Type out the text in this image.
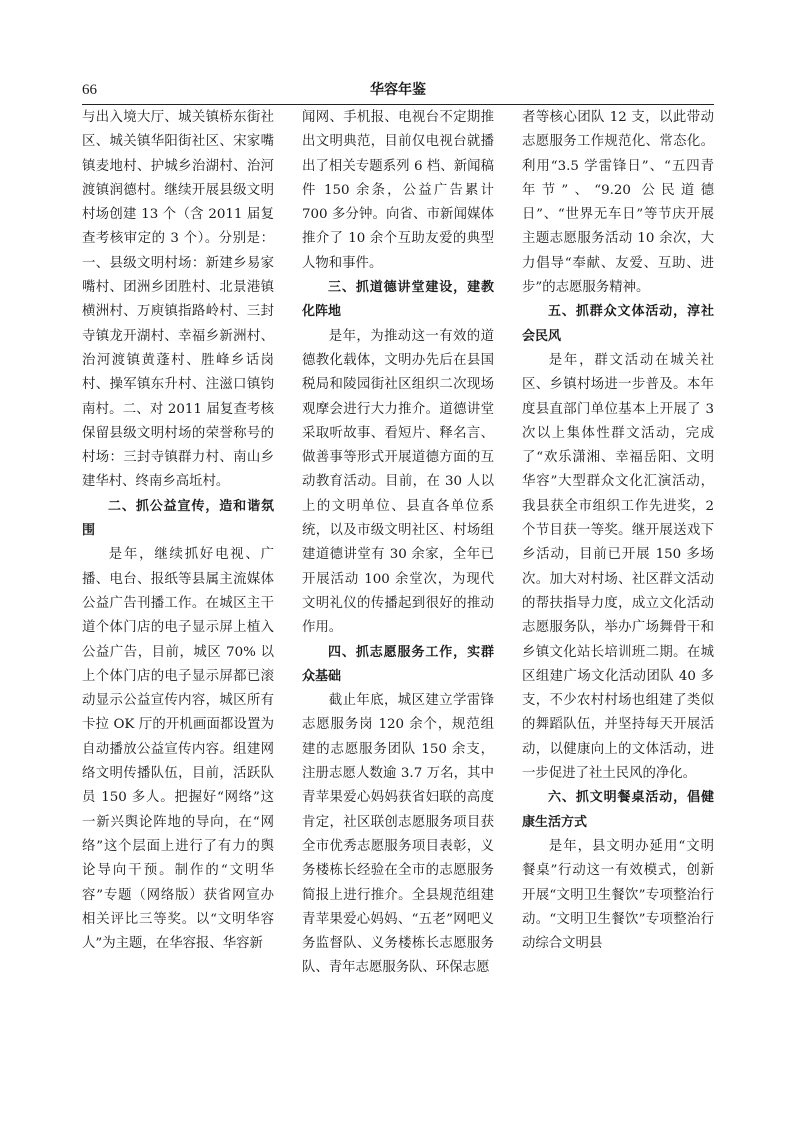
66	华容年鉴

与出入境大厅、城关镇桥东街社区、城关镇华阳街社区、宋家嘴镇麦地村、护城乡治湖村、治河渡镇润德村。继续开展县级文明村场创建 13 个（含 2011 届复查考核审定的 3 个）。分别是：一、县级文明村场：新建乡易家嘴村、团洲乡团胜村、北景港镇横洲村、万庾镇指路岭村、三封寺镇龙开湖村、幸福乡新洲村、治河渡镇黄蓬村、胜峰乡话岗村、操军镇东升村、注滋口镇钧南村。二、对 2011 届复查考核保留县级文明村场的荣誉称号的村场：三封寺镇群力村、南山乡建华村、终南乡高坵村。

二、抓公益宣传，造和谐氛围

是年，继续抓好电视、广播、电台、报纸等县属主流媒体公益广告刊播工作。在城区主干道个体门店的电子显示屏上植入公益广告，目前，城区 70% 以上个体门店的电子显示屏都已滚动显示公益宣传内容，城区所有卡拉 OK 厅的开机画面都设置为自动播放公益宣传内容。组建网络文明传播队伍，目前，活跃队员 150 多人。把握好“网络”这一新兴舆论阵地的导向，在“网络”这个层面上进行了有力的舆论导向干预。制作的“文明华容”专题（网络版）获省网宣办相关评比三等奖。以“文明华容人”为主题，在华容报、华容新

闻网、手机报、电视台不定期推出文明典范，目前仅电视台就播出了相关专题系列 6 档、新闻稿件 150 余条，公益广告累计 700 多分钟。向省、市新闻媒体推介了 10 余个互助友爱的典型人物和事件。

三、抓道德讲堂建设，建教化阵地

是年，为推动这一有效的道德教化载体，文明办先后在县国税局和陵园街社区组织二次现场观摩会进行大力推介。道德讲堂采取听故事、看短片、释名言、做善事等形式开展道德方面的互动教育活动。目前，在 30 人以上的文明单位、县直各单位系统，以及市级文明社区、村场组建道德讲堂有 30 余家，全年已开展活动 100 余堂次，为现代文明礼仪的传播起到很好的推动作用。

四、抓志愿服务工作，实群众基础

截止年底，城区建立学雷锋志愿服务岗 120 余个，规范组建的志愿服务团队 150 余支，注册志愿人数逾 3.7 万名，其中青苹果爱心妈妈获省妇联的高度肯定，社区联创志愿服务项目获全市优秀志愿服务项目表彰，义务楼栋长经验在全市的志愿服务简报上进行推介。全县规范组建青苹果爱心妈妈、“五老”网吧义务监督队、义务楼栋长志愿服务队、青年志愿服务队、环保志愿

者等核心团队 12 支，以此带动志愿服务工作规范化、常态化。利用“3.5 学雷锋日”、“五四青年节”、“9.20 公民道德日”、“世界无车日”等节庆开展主题志愿服务活动 10 余次，大力倡导“奉献、友爱、互助、进步”的志愿服务精神。

五、抓群众文体活动，淳社会民风

是年，群文活动在城关社区、乡镇村场进一步普及。本年度县直部门单位基本上开展了 3 次以上集体性群文活动，完成了“欢乐潇湘、幸福岳阳、文明华容”大型群众文化汇演活动，我县获全市组织工作先进奖，2 个节目获一等奖。继开展送戏下乡活动，目前已开展 150 多场次。加大对村场、社区群文活动的帮扶指导力度，成立文化活动志愿服务队，举办广场舞骨干和乡镇文化站长培训班二期。在城区组建广场文化活动团队 40 多支，不少农村村场也组建了类似的舞蹈队伍，并坚持每天开展活动，以健康向上的文体活动，进一步促进了社土民风的净化。

六、抓文明餐桌活动，倡健康生活方式

是年，县文明办延用“文明餐桌”行动这一有效模式，创新开展“文明卫生餐饮”专项整治行动。“文明卫生餐饮”专项整治行动综合文明县
